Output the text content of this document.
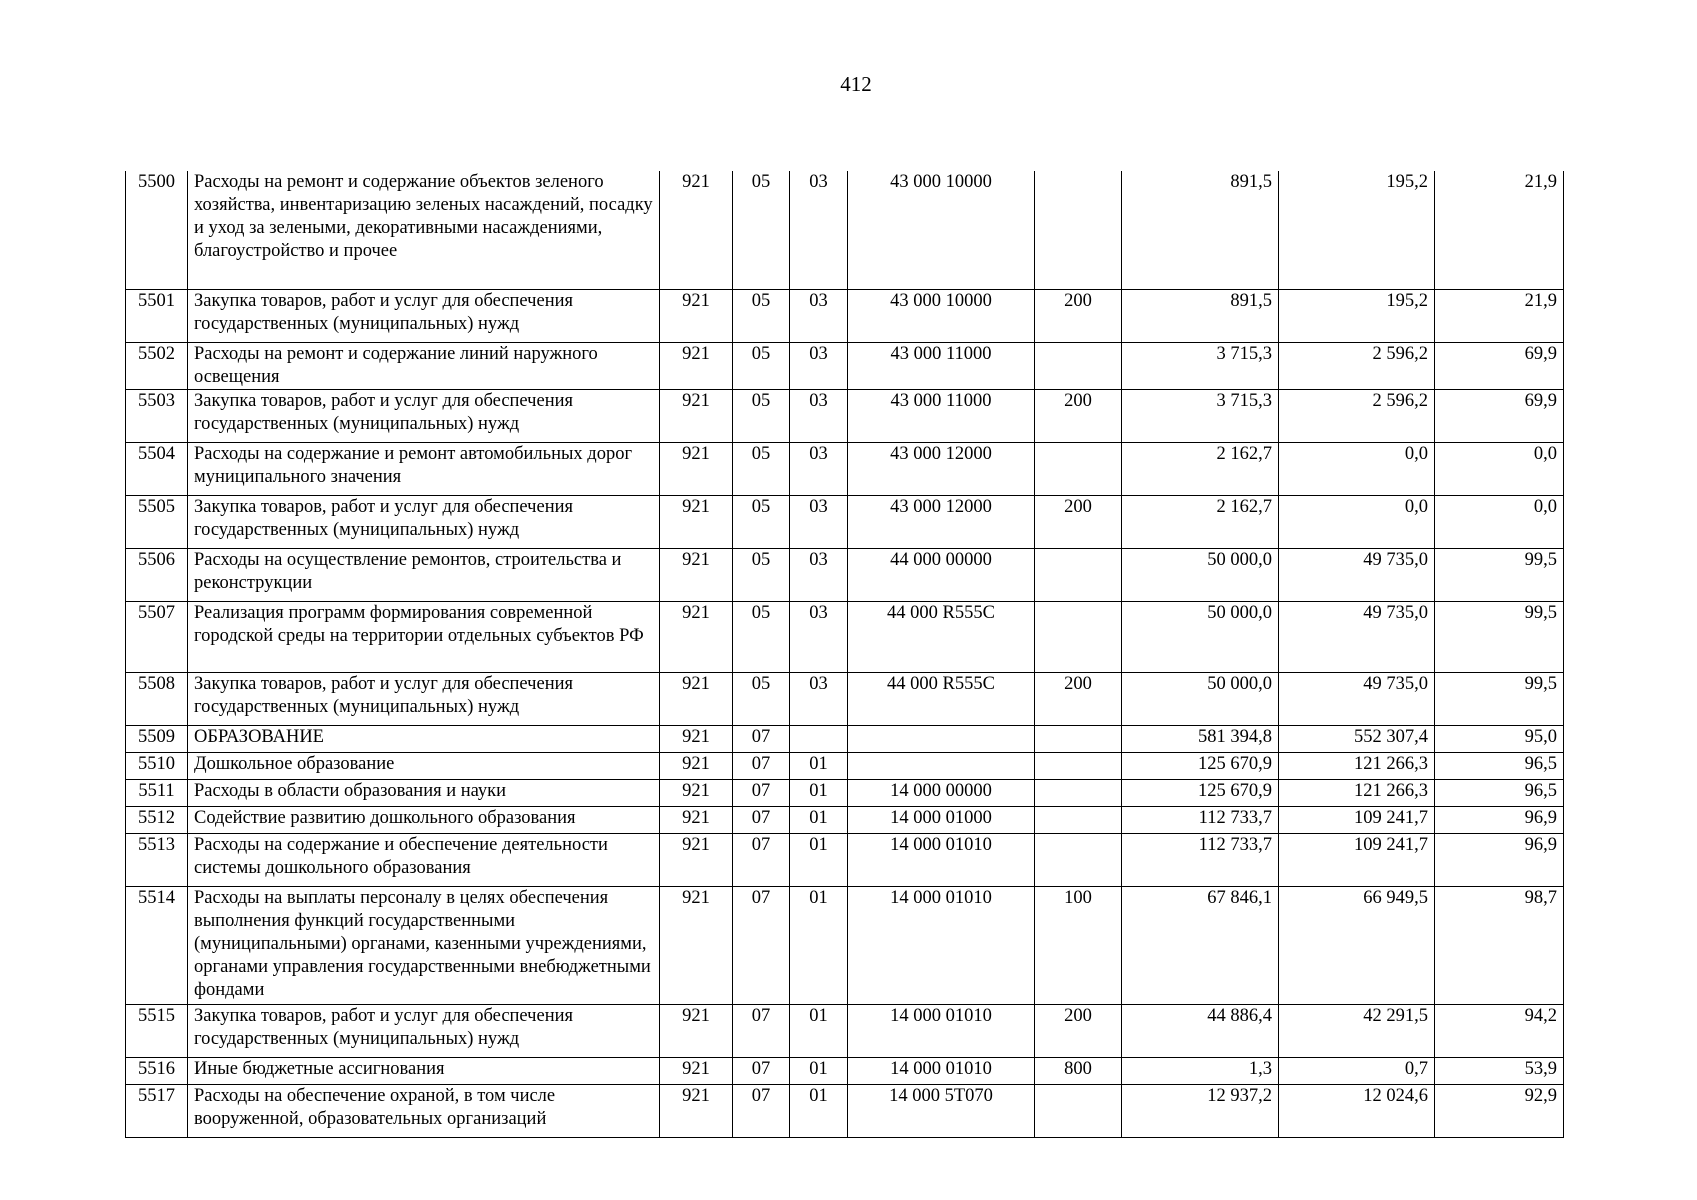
412
5500	Расходы на ремонт и содержание объектов зеленого хозяйства, инвентаризацию зеленых насаждений, посадку и уход за зелеными, декоративными насаждениями, благоустройство и прочее	921	05	03	43 000 10000		891,5	195,2	21,9
5501	Закупка товаров, работ и услуг для обеспечения государственных (муниципальных) нужд	921	05	03	43 000 10000	200	891,5	195,2	21,9
5502	Расходы на ремонт и содержание линий наружного освещения	921	05	03	43 000 11000		3 715,3	2 596,2	69,9
5503	Закупка товаров, работ и услуг для обеспечения государственных (муниципальных) нужд	921	05	03	43 000 11000	200	3 715,3	2 596,2	69,9
5504	Расходы на содержание и ремонт автомобильных дорог муниципального значения	921	05	03	43 000 12000		2 162,7	0,0	0,0
5505	Закупка товаров, работ и услуг для обеспечения государственных (муниципальных) нужд	921	05	03	43 000 12000	200	2 162,7	0,0	0,0
5506	Расходы на осуществление ремонтов, строительства и реконструкции	921	05	03	44 000 00000		50 000,0	49 735,0	99,5
5507	Реализация программ формирования современной городской среды на территории отдельных субъектов РФ	921	05	03	44 000 R555C		50 000,0	49 735,0	99,5
5508	Закупка товаров, работ и услуг для обеспечения государственных (муниципальных) нужд	921	05	03	44 000 R555C	200	50 000,0	49 735,0	99,5
5509	ОБРАЗОВАНИЕ	921	07				581 394,8	552 307,4	95,0
5510	Дошкольное образование	921	07	01			125 670,9	121 266,3	96,5
5511	Расходы в области образования и науки	921	07	01	14 000 00000		125 670,9	121 266,3	96,5
5512	Содействие развитию дошкольного образования	921	07	01	14 000 01000		112 733,7	109 241,7	96,9
5513	Расходы на содержание и обеспечение деятельности системы дошкольного образования	921	07	01	14 000 01010		112 733,7	109 241,7	96,9
5514	Расходы на выплаты персоналу в целях обеспечения выполнения функций государственными (муниципальными) органами, казенными учреждениями, органами управления государственными внебюджетными фондами	921	07	01	14 000 01010	100	67 846,1	66 949,5	98,7
5515	Закупка товаров, работ и услуг для обеспечения государственных (муниципальных) нужд	921	07	01	14 000 01010	200	44 886,4	42 291,5	94,2
5516	Иные бюджетные ассигнования	921	07	01	14 000 01010	800	1,3	0,7	53,9
5517	Расходы на обеспечение охраной, в том числе вооруженной, образовательных организаций	921	07	01	14 000 5Т070		12 937,2	12 024,6	92,9
